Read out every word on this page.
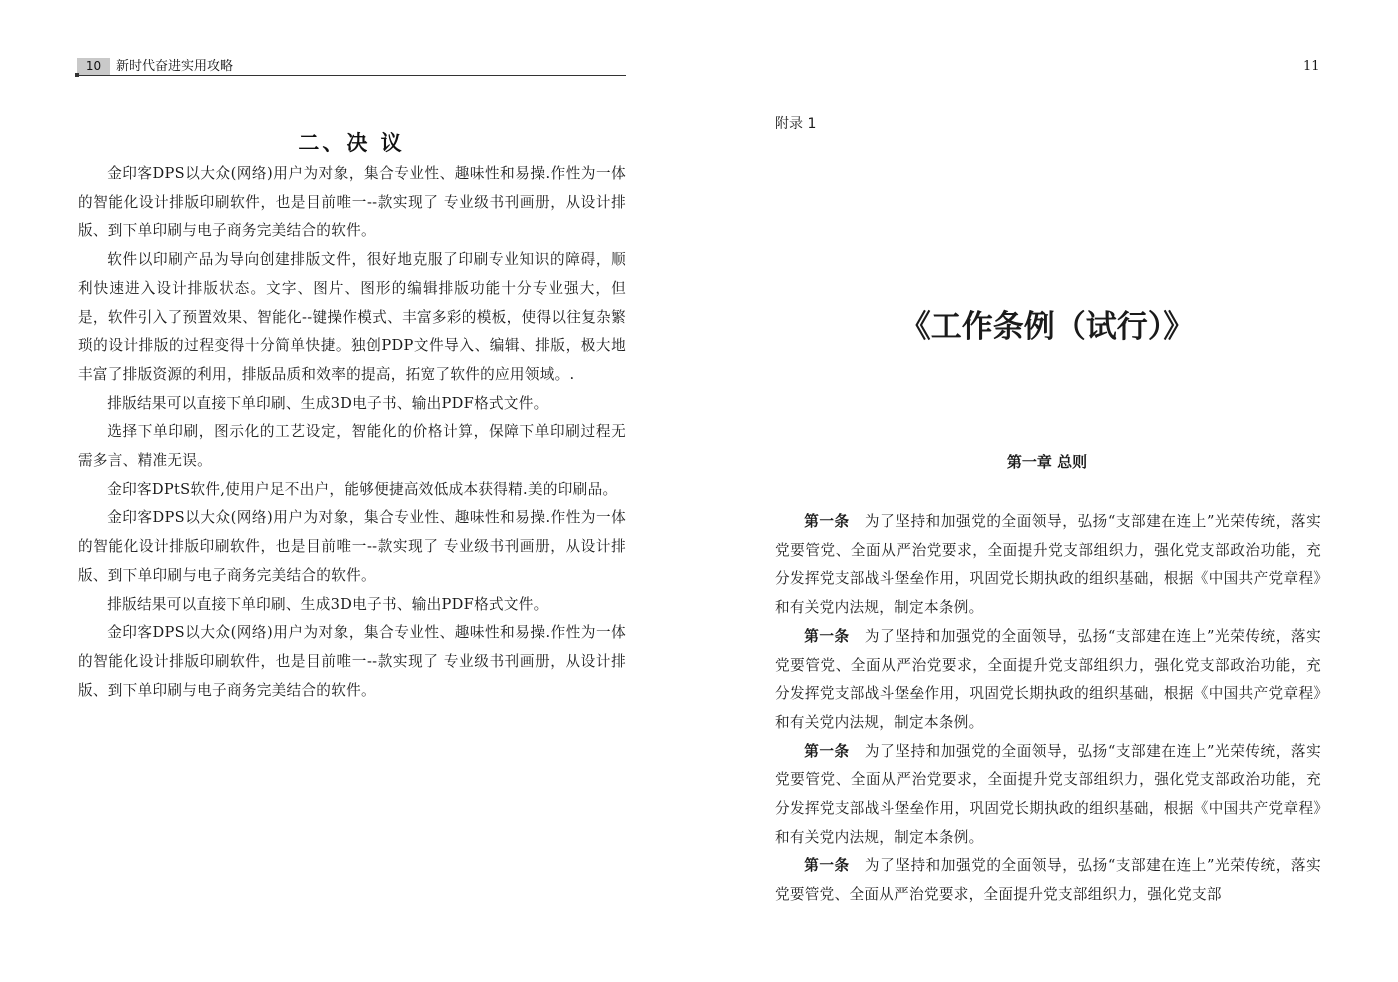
10	新时代奋进实用攻略
二、决 议

金印客DPS以大众(网络)用户为对象，集合专业性、趣味性和易操.作性为一体的智能化设计排版印刷软件，也是目前唯一--款实现了 专业级书刊画册，从设计排版、到下单印刷与电子商务完美结合的软件。

软件以印刷产品为导向创建排版文件，很好地克服了印刷专业知识的障碍，顺利快速进入设计排版状态。文字、图片、图形的编辑排版功能十分专业强大，但是，软件引入了预置效果、智能化--键操作模式、丰富多彩的模板，使得以往复杂繁琐的设计排版的过程变得十分简单快捷。独创PDP文件导入、编辑、排版，极大地丰富了排版资源的利用，排版品质和效率的提高，拓宽了软件的应用领域。.

排版结果可以直接下单印刷、生成3D电子书、输出PDF格式文件。

选择下单印刷，图示化的工艺设定，智能化的价格计算，保障下单印刷过程无需多言、精准无误。

金印客DPtS软件,使用户足不出户，能够便捷高效低成本获得精.美的印刷品。

金印客DPS以大众(网络)用户为对象，集合专业性、趣味性和易操.作性为一体的智能化设计排版印刷软件，也是目前唯一--款实现了 专业级书刊画册，从设计排版、到下单印刷与电子商务完美结合的软件。

排版结果可以直接下单印刷、生成3D电子书、输出PDF格式文件。

金印客DPS以大众(网络)用户为对象，集合专业性、趣味性和易操.作性为一体的智能化设计排版印刷软件，也是目前唯一--款实现了 专业级书刊画册，从设计排版、到下单印刷与电子商务完美结合的软件。

11
附录 1
《工作条例（试行）》
第一章 总则

第一条  为了坚持和加强党的全面领导，弘扬“支部建在连上”光荣传统，落实党要管党、全面从严治党要求，全面提升党支部组织力，强化党支部政治功能，充分发挥党支部战斗堡垒作用，巩固党长期执政的组织基础，根据《中国共产党章程》和有关党内法规，制定本条例。

第一条  为了坚持和加强党的全面领导，弘扬“支部建在连上”光荣传统，落实党要管党、全面从严治党要求，全面提升党支部组织力，强化党支部政治功能，充分发挥党支部战斗堡垒作用，巩固党长期执政的组织基础，根据《中国共产党章程》和有关党内法规，制定本条例。

第一条  为了坚持和加强党的全面领导，弘扬“支部建在连上”光荣传统，落实党要管党、全面从严治党要求，全面提升党支部组织力，强化党支部政治功能，充分发挥党支部战斗堡垒作用，巩固党长期执政的组织基础，根据《中国共产党章程》和有关党内法规，制定本条例。

第一条  为了坚持和加强党的全面领导，弘扬“支部建在连上”光荣传统，落实党要管党、全面从严治党要求，全面提升党支部组织力，强化党支部
